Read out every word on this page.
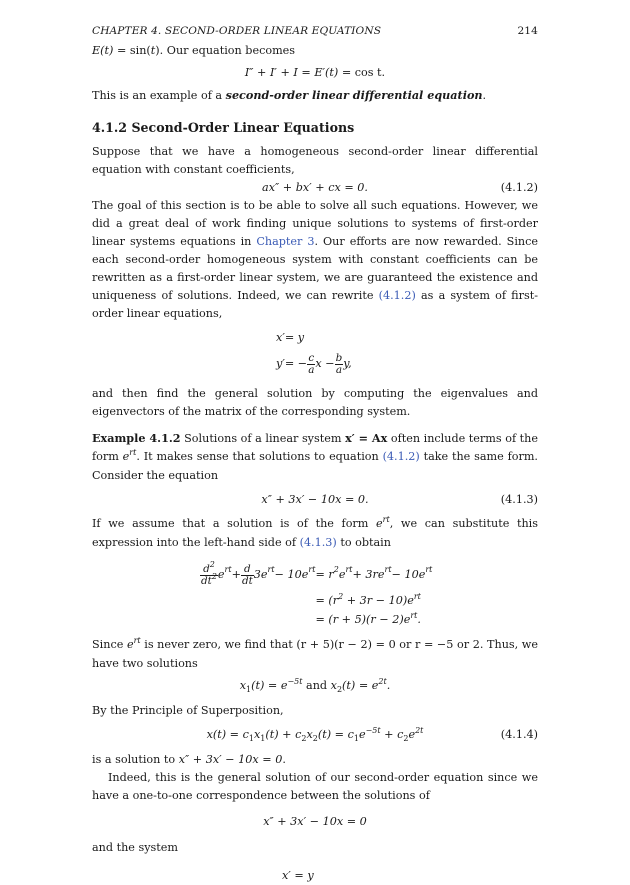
CHAPTER 4. SECOND-ORDER LINEAR EQUATIONS	214

E(t) = sin(t). Our equation becomes

I″ + I′ + I = E′(t) = cos t.

This is an example of a second-order linear differential equation.

4.1.2 Second-Order Linear Equations

Suppose that we have a homogeneous second-order linear differential equation with constant coefficients,

ax″ + bx′ + cx = 0.	(4.1.2)

The goal of this section is to be able to solve all such equations. However, we did a great deal of work finding unique solutions to systems of first-order linear systems equations in Chapter 3. Our efforts are now rewarded. Since each second-order homogeneous system with constant coefficients can be rewritten as a first-order linear system, we are guaranteed the existence and uniqueness of solutions. Indeed, we can rewrite (4.1.2) as a system of first-order linear equations,

x′ = y
y′ = − $\frac{c}{a}$ $x - \frac{b}{a} y$,

and then find the general solution by computing the eigenvalues and eigenvectors of the matrix of the corresponding system.

Example 4.1.2 Solutions of a linear system x′ = Ax often include terms of the form $e^{rt}$. It makes sense that solutions to equation (4.1.2) take the same form. Consider the equation

x″ + 3x′ − 10x = 0.	(4.1.3)

If we assume that a solution is of the form $e^{rt}$, we can substitute this expression into the left-hand side of (4.1.3) to obtain

$\frac{d^2}{dt^2} e^{rt} + \frac{d}{dt} 3e^{rt} - 10e^{rt} = r^2$ $e^{rt} + 3re^{rt} - 10e^{rt}$
= $(r^2 + 3r - 10)e^{rt}$
= $(r + 5)(r - 2)e^{rt}$.

Since $e^{rt}$ is never zero, we find that (r + 5)(r − 2) = 0 or r = −5 or 2. Thus, we have two solutions

$x_1(t) = e^{-5t}$ and $x_2(t) = e^{2t}$.

By the Principle of Superposition,

$x(t) = c_1x_1(t) + c_2x_2(t) = c_1e^{-5t} + c_2e^{2t}$	(4.1.4)

is a solution to x″ + 3x′ − 10x = 0.

Indeed, this is the general solution of our second-order equation since we have a one-to-one correspondence between the solutions of

x″ + 3x′ − 10x = 0

and the system

x′ = y
